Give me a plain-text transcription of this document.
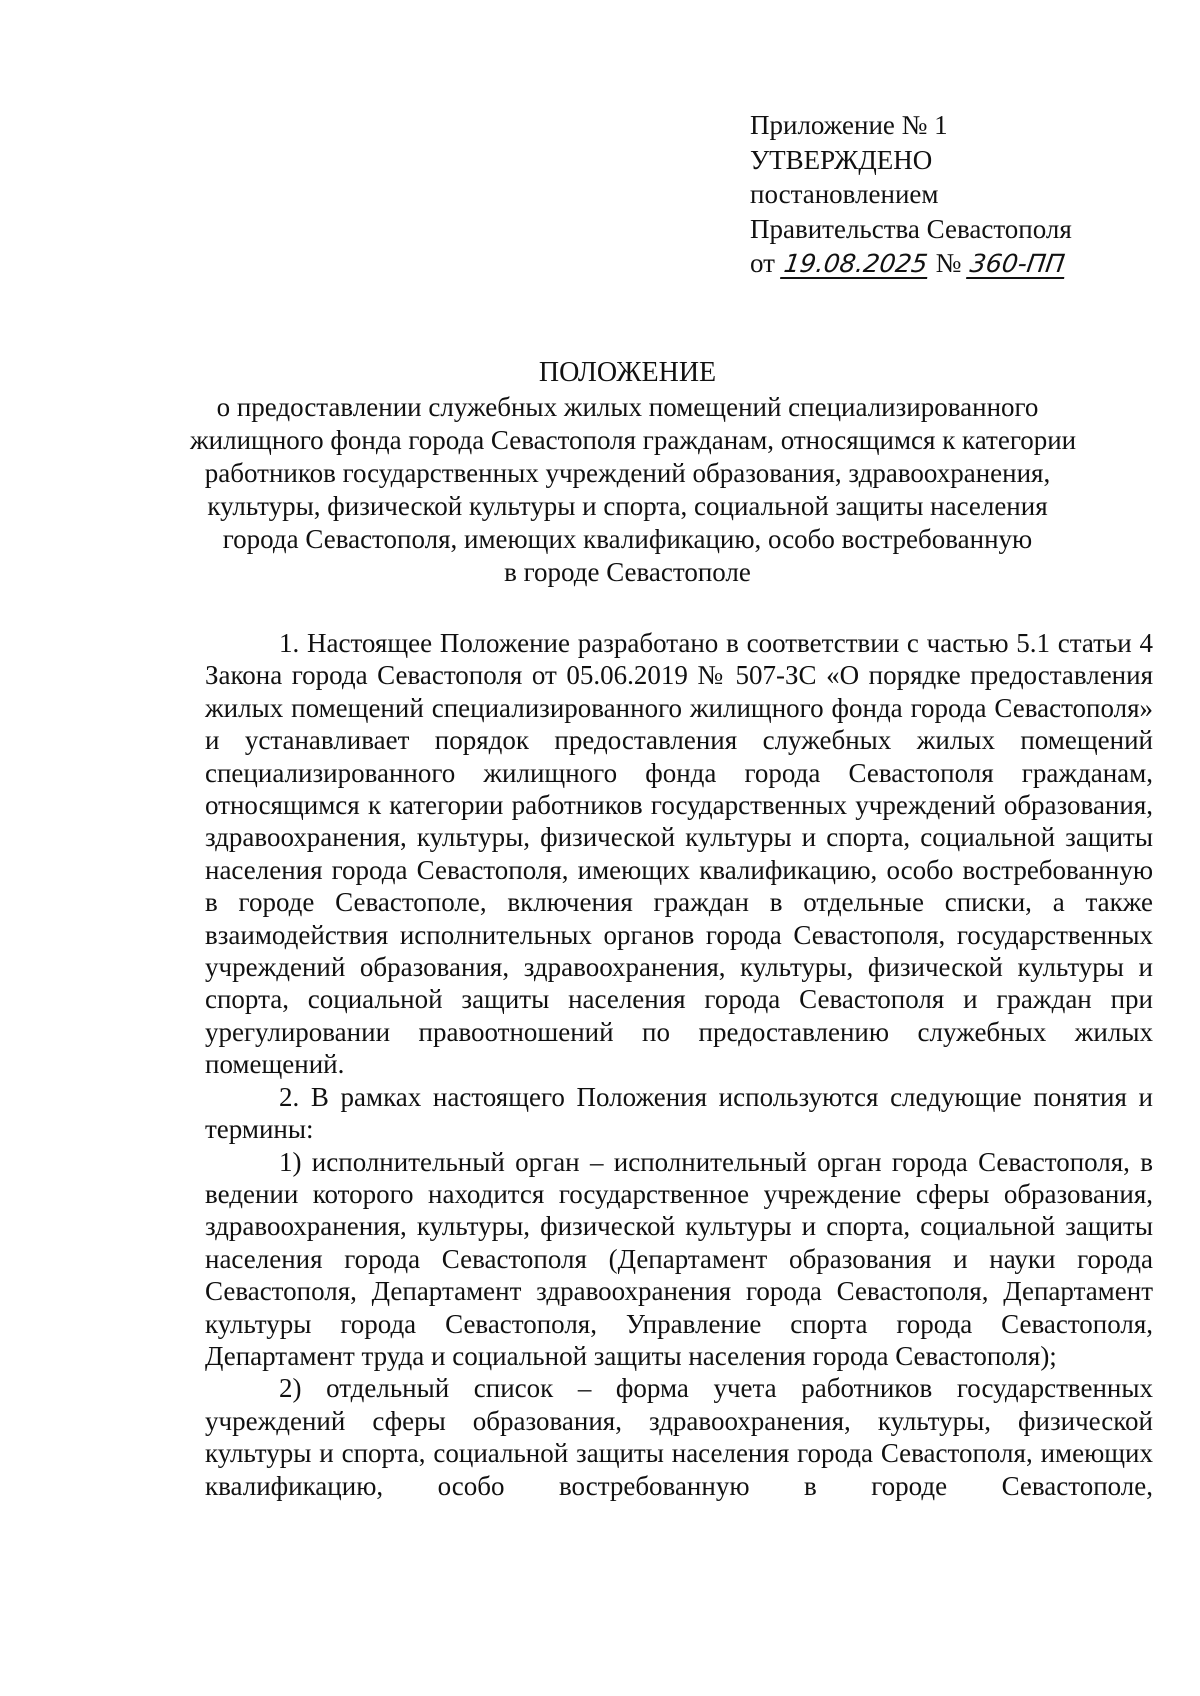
Приложение № 1
УТВЕРЖДЕНО
постановлением
Правительства Севастополя
от 19.08.2025 № 360-ПП
ПОЛОЖЕНИЕ
о предоставлении служебных жилых помещений специализированного
жилищного фонда города Севастополя гражданам, относящимся к категории
работников государственных учреждений образования, здравоохранения,
культуры, физической культуры и спорта, социальной защиты населения
города Севастополя, имеющих квалификацию, особо востребованную
в городе Севастополе

1. Настоящее Положение разработано в соответствии с частью 5.1 статьи 4 Закона города Севастополя от 05.06.2019 № 507-ЗС «О порядке предоставления жилых помещений специализированного жилищного фонда города Севастополя» и устанавливает порядок предоставления служебных жилых помещений специализированного жилищного фонда города Севастополя гражданам, относящимся к категории работников государственных учреждений образования, здравоохранения, культуры, физической культуры и спорта, социальной защиты населения города Севастополя, имеющих квалификацию, особо востребованную в городе Севастополе, включения граждан в отдельные списки, а также взаимодействия исполнительных органов города Севастополя, государственных учреждений образования, здравоохранения, культуры, физической культуры и спорта, социальной защиты населения города Севастополя и граждан при урегулировании правоотношений по предоставлению служебных жилых помещений.

2. В рамках настоящего Положения используются следующие понятия и термины:

1) исполнительный орган – исполнительный орган города Севастополя, в ведении которого находится государственное учреждение сферы образования, здравоохранения, культуры, физической культуры и спорта, социальной защиты населения города Севастополя (Департамент образования и науки города Севастополя, Департамент здравоохранения города Севастополя, Департамент культуры города Севастополя, Управление спорта города Севастополя, Департамент труда и социальной защиты населения города Севастополя);

2) отдельный список – форма учета работников государственных учреждений сферы образования, здравоохранения, культуры, физической культуры и спорта, социальной защиты населения города Севастополя, имеющих квалификацию, особо востребованную в городе Севастополе,
